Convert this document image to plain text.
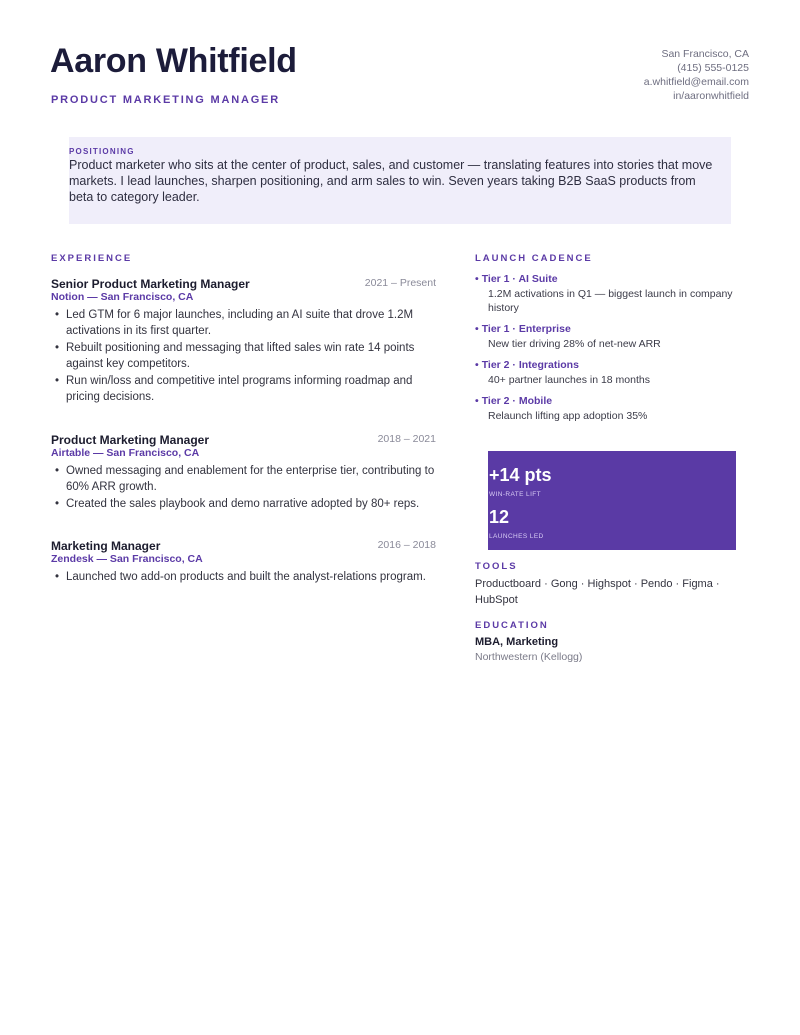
Aaron Whitfield
PRODUCT MARKETING MANAGER
San Francisco, CA
(415) 555-0125
a.whitfield@email.com
in/aaronwhitfield
POSITIONING
Product marketer who sits at the center of product, sales, and customer — translating features into stories that move markets. I lead launches, sharpen positioning, and arm sales to win. Seven years taking B2B SaaS products from beta to category leader.
EXPERIENCE
Senior Product Marketing Manager	2021 – Present
Notion — San Francisco, CA
• Led GTM for 6 major launches, including an AI suite that drove 1.2M activations in its first quarter.
• Rebuilt positioning and messaging that lifted sales win rate 14 points against key competitors.
• Run win/loss and competitive intel programs informing roadmap and pricing decisions.
Product Marketing Manager	2018 – 2021
Airtable — San Francisco, CA
• Owned messaging and enablement for the enterprise tier, contributing to 60% ARR growth.
• Created the sales playbook and demo narrative adopted by 80+ reps.
Marketing Manager	2016 – 2018
Zendesk — San Francisco, CA
• Launched two add-on products and built the analyst-relations program.
LAUNCH CADENCE
• Tier 1 · AI Suite
1.2M activations in Q1 — biggest launch in company history
• Tier 1 · Enterprise
New tier driving 28% of net-new ARR
• Tier 2 · Integrations
40+ partner launches in 18 months
• Tier 2 · Mobile
Relaunch lifting app adoption 35%
+14 pts
WIN-RATE LIFT
12
LAUNCHES LED
TOOLS
Productboard · Gong · Highspot · Pendo · Figma · HubSpot
EDUCATION
MBA, Marketing
Northwestern (Kellogg)
